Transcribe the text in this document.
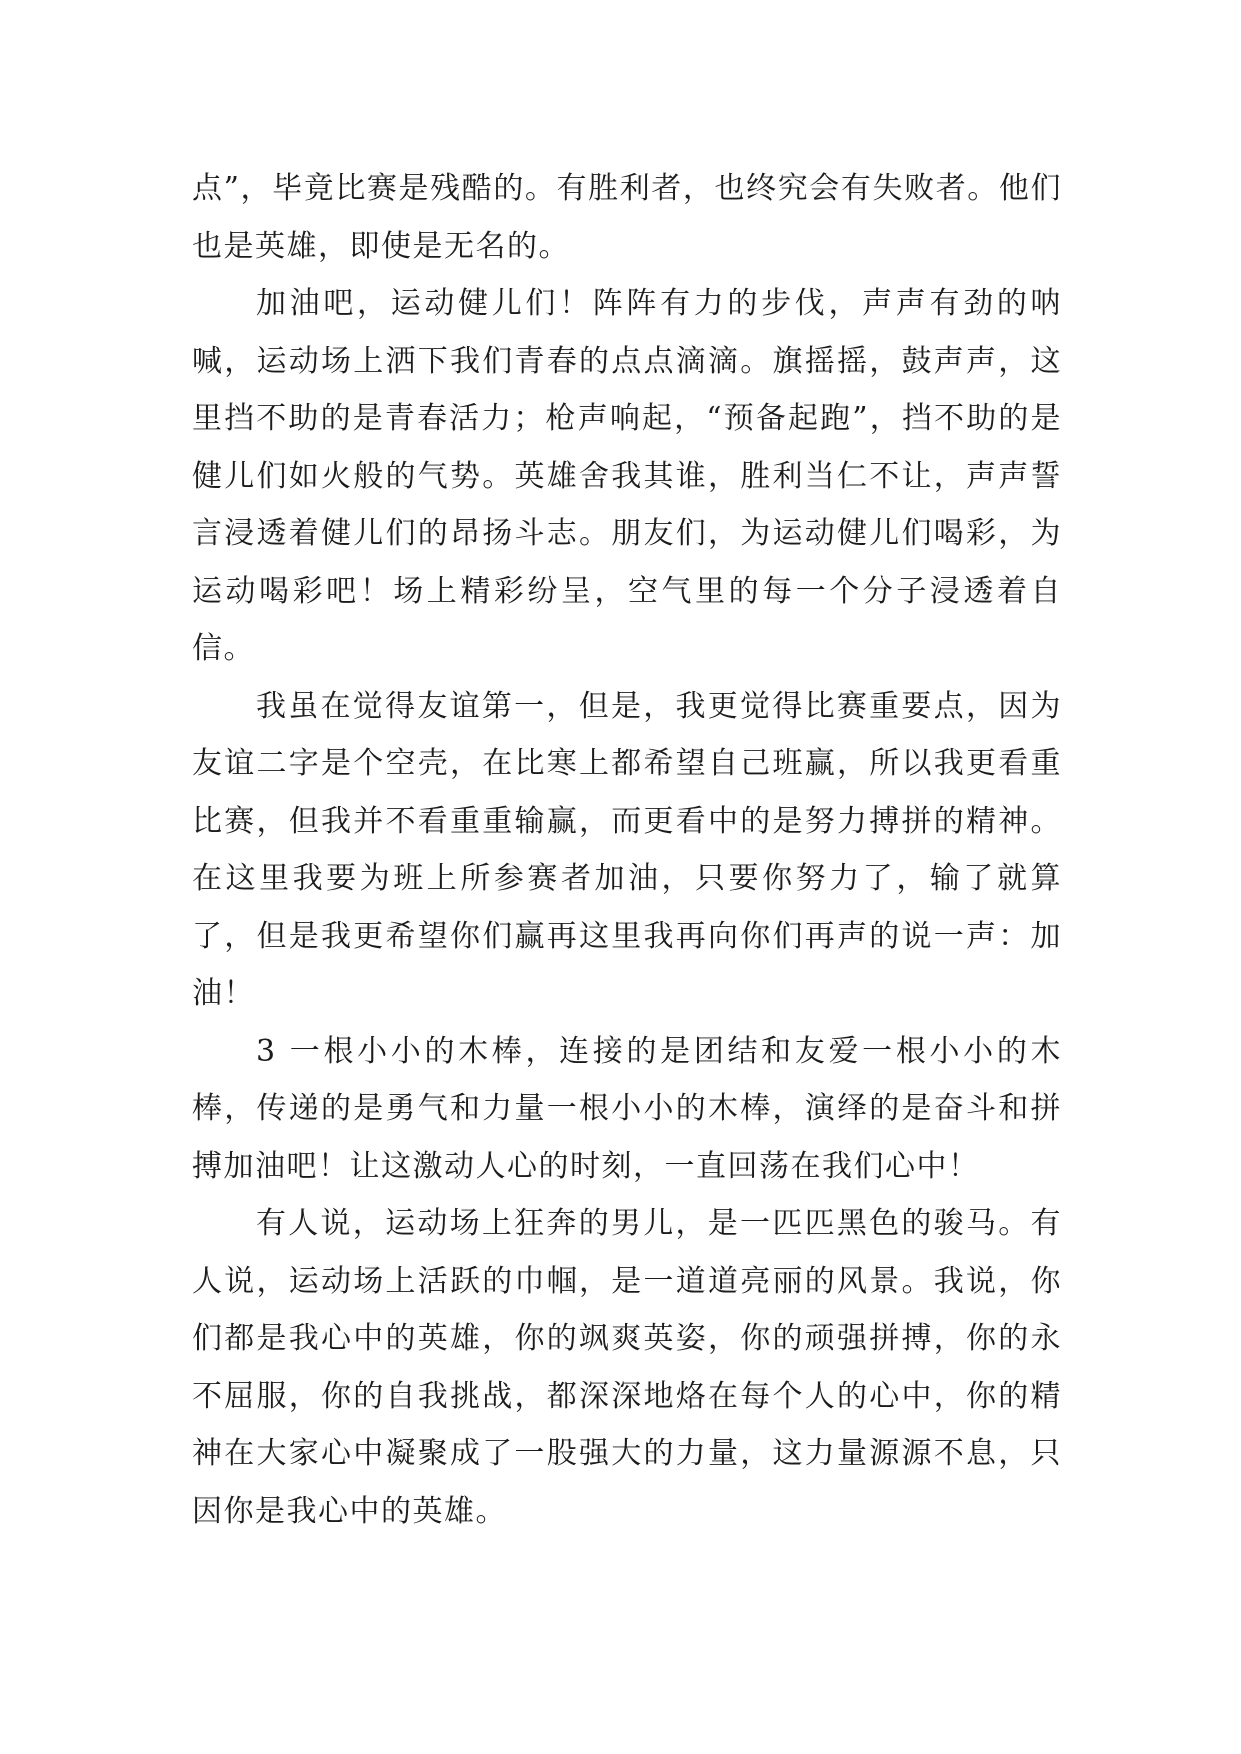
点”，毕竟比赛是残酷的。有胜利者，也终究会有失败者。他们也是英雄，即使是无名的。

加油吧，运动健儿们！阵阵有力的步伐，声声有劲的呐喊，运动场上洒下我们青春的点点滴滴。旗摇摇，鼓声声，这里挡不助的是青春活力；枪声响起，“预备起跑”，挡不助的是健儿们如火般的气势。英雄舍我其谁，胜利当仁不让，声声誓言浸透着健儿们的昂扬斗志。朋友们，为运动健儿们喝彩，为运动喝彩吧！场上精彩纷呈，空气里的每一个分子浸透着自信。

我虽在觉得友谊第一，但是，我更觉得比赛重要点，因为友谊二字是个空壳，在比寒上都希望自己班赢，所以我更看重比赛，但我并不看重重输赢，而更看中的是努力搏拼的精神。在这里我要为班上所参赛者加油，只要你努力了，输了就算了，但是我更希望你们赢再这里我再向你们再声的说一声：加油！

3 一根小小的木棒，连接的是团结和友爱一根小小的木棒，传递的是勇气和力量一根小小的木棒，演绎的是奋斗和拼搏加油吧！让这激动人心的时刻，一直回荡在我们心中！

有人说，运动场上狂奔的男儿，是一匹匹黑色的骏马。有人说，运动场上活跃的巾帼，是一道道亮丽的风景。我说，你们都是我心中的英雄，你的飒爽英姿，你的顽强拼搏，你的永不屈服，你的自我挑战，都深深地烙在每个人的心中，你的精神在大家心中凝聚成了一股强大的力量，这力量源源不息，只因你是我心中的英雄。
